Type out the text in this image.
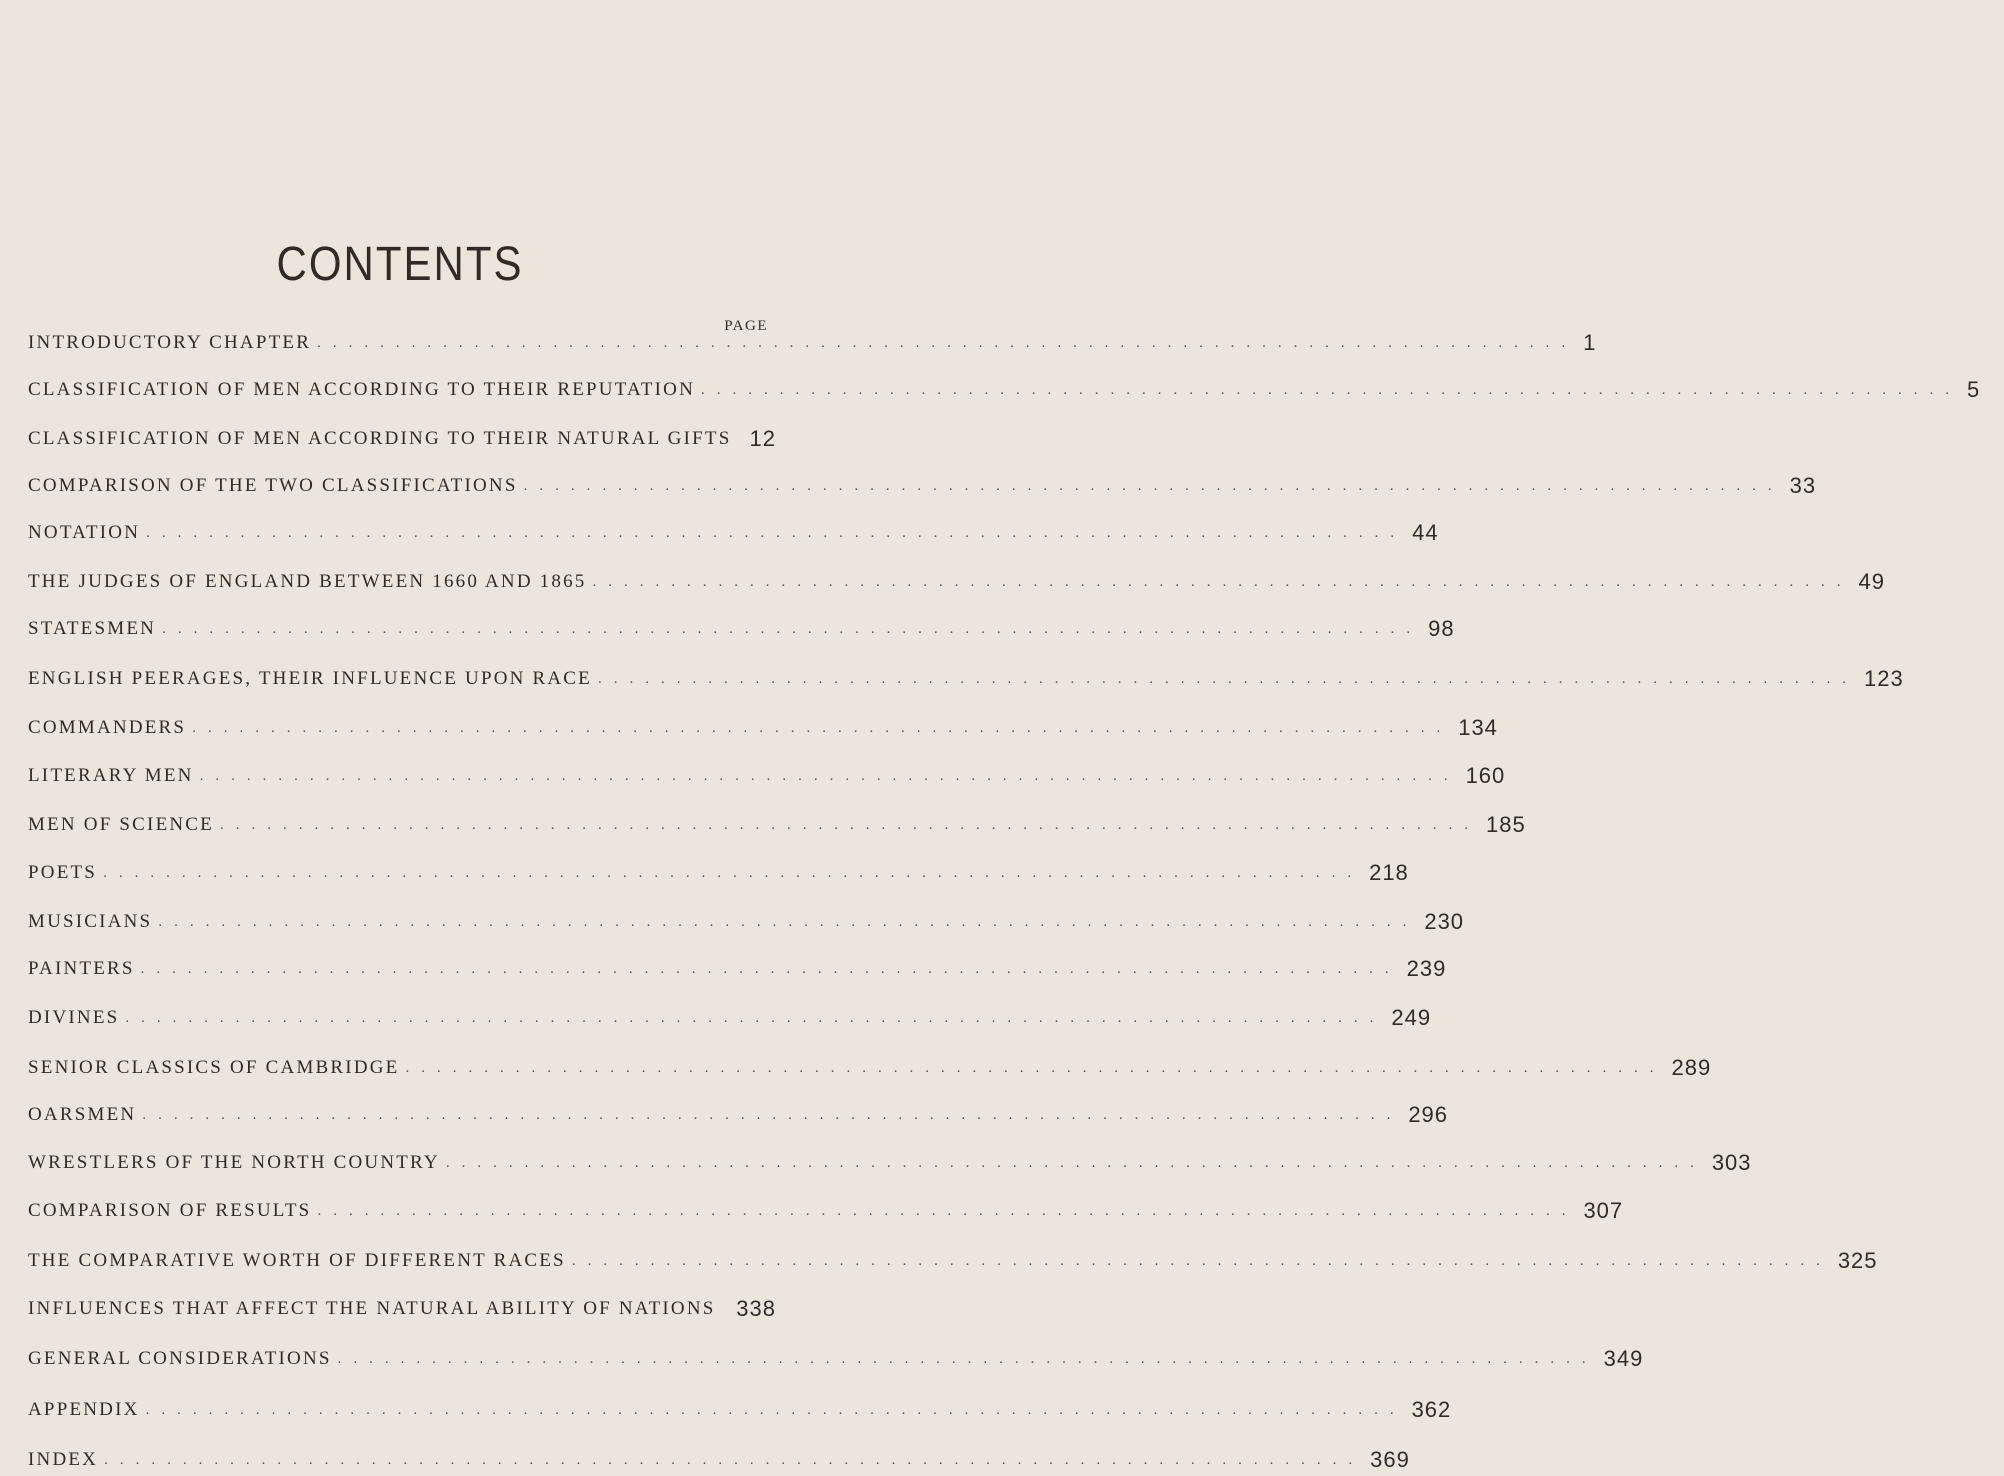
CONTENTS
PAGE
INTRODUCTORY CHAPTER ................................................................................ 1
CLASSIFICATION OF MEN ACCORDING TO THEIR REPUTATION ................................................................................ 5
CLASSIFICATION OF MEN ACCORDING TO THEIR NATURAL GIFTS 12
COMPARISON OF THE TWO CLASSIFICATIONS ................................................................................ 33
NOTATION ................................................................................ 44
THE JUDGES OF ENGLAND BETWEEN 1660 AND 1865 ................................................................................ 49
STATESMEN ................................................................................ 98
ENGLISH PEERAGES, THEIR INFLUENCE UPON RACE ................................................................................ 123
COMMANDERS ................................................................................ 134
LITERARY MEN ................................................................................ 160
MEN OF SCIENCE ................................................................................ 185
POETS ................................................................................ 218
MUSICIANS ................................................................................ 230
PAINTERS ................................................................................ 239
DIVINES ................................................................................ 249
SENIOR CLASSICS OF CAMBRIDGE ................................................................................ 289
OARSMEN ................................................................................ 296
WRESTLERS OF THE NORTH COUNTRY ................................................................................ 303
COMPARISON OF RESULTS ................................................................................ 307
THE COMPARATIVE WORTH OF DIFFERENT RACES ................................................................................ 325
INFLUENCES THAT AFFECT THE NATURAL ABILITY OF NATIONS 338
GENERAL CONSIDERATIONS ................................................................................ 349
APPENDIX ................................................................................ 362
INDEX ................................................................................ 369
